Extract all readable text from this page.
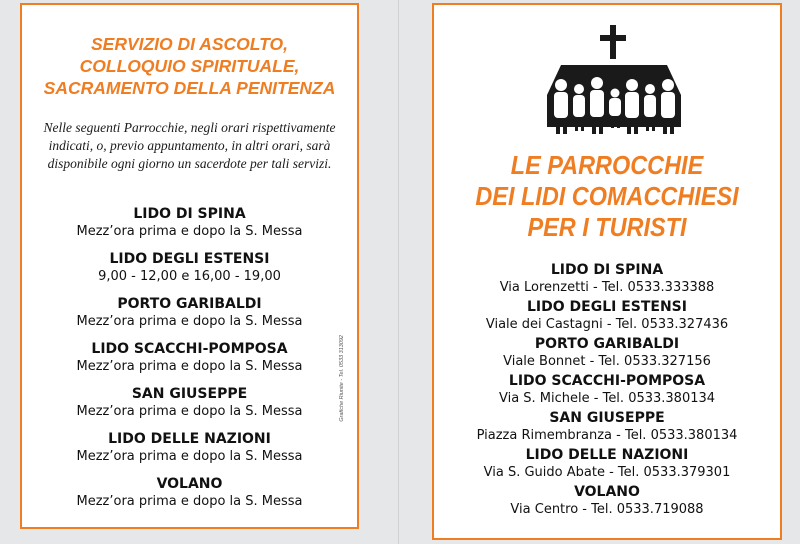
SERVIZIO DI ASCOLTO,
COLLOQUIO SPIRITUALE,
SACRAMENTO DELLA PENITENZA

Nelle seguenti Parrocchie, negli orari rispettivamente indicati, o, previo appuntamento, in altri orari, sarà disponibile ogni giorno un sacerdote per tali servizi.

LIDO DI SPINA
Mezz’ora prima e dopo la S. Messa
LIDO DEGLI ESTENSI
9,00 - 12,00 e 16,00 - 19,00
PORTO GARIBALDI
Mezz’ora prima e dopo la S. Messa
LIDO SCACCHI-POMPOSA
Mezz’ora prima e dopo la S. Messa
SAN GIUSEPPE
Mezz’ora prima e dopo la S. Messa
LIDO DELLE NAZIONI
Mezz’ora prima e dopo la S. Messa
VOLANO
Mezz’ora prima e dopo la S. Messa
Grafiche Riunite - Tel. 0533 313092
LE PARROCCHIE
DEI LIDI COMACCHIESI
PER I TURISTI
LIDO DI SPINA
Via Lorenzetti - Tel. 0533.333388
LIDO DEGLI ESTENSI
Viale dei Castagni - Tel. 0533.327436
PORTO GARIBALDI
Viale Bonnet - Tel. 0533.327156
LIDO SCACCHI-POMPOSA
Via S. Michele - Tel. 0533.380134
SAN GIUSEPPE
Piazza Rimembranza - Tel. 0533.380134
LIDO DELLE NAZIONI
Via S. Guido Abate - Tel. 0533.379301
VOLANO
Via Centro - Tel. 0533.719088
